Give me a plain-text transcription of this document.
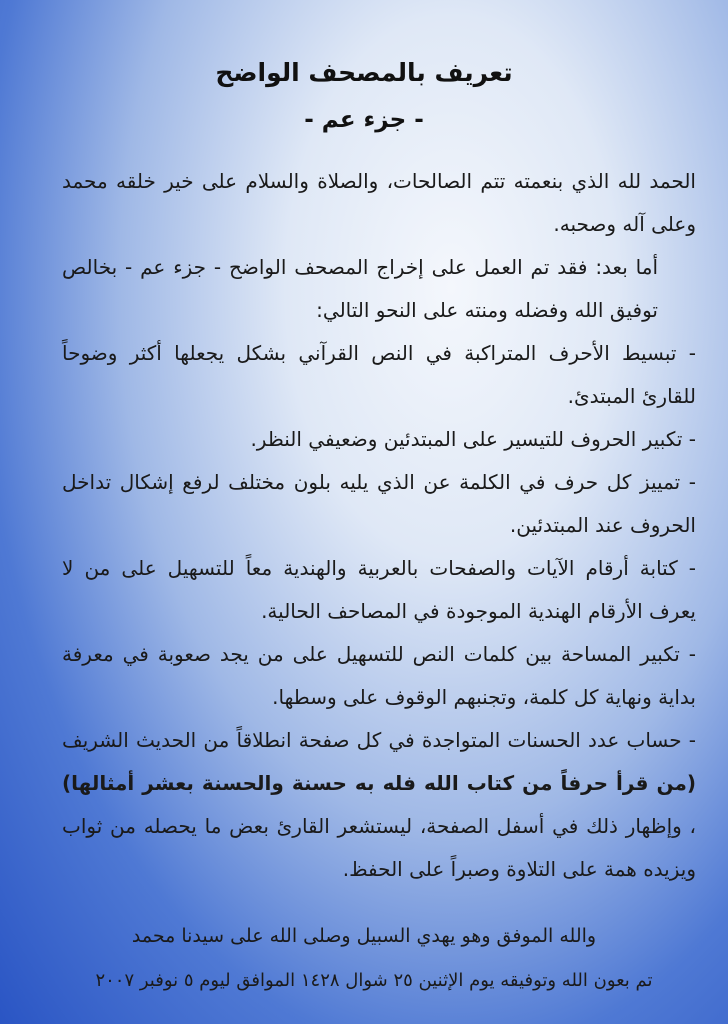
تعريف بالمصحف الواضح
- جزء عم -

الحمد لله الذي بنعمته تتم الصالحات، والصلاة والسلام على خير خلقه محمد وعلى آله وصحبه.

أما بعد: فقد تم العمل على إخراج المصحف الواضح - جزء عم - بخالص توفيق الله وفضله ومنته على النحو التالي:

- تبسيط الأحرف المتراكبة في النص القرآني بشكل يجعلها أكثر وضوحاً للقارئ المبتدئ.

- تكبير الحروف للتيسير على المبتدئين وضعيفي النظر.

- تمييز كل حرف في الكلمة عن الذي يليه بلون مختلف لرفع إشكال تداخل الحروف عند المبتدئين.

- كتابة أرقام الآيات والصفحات بالعربية والهندية معاً للتسهيل على من لا يعرف الأرقام الهندية الموجودة في المصاحف الحالية.

- تكبير المساحة بين كلمات النص للتسهيل على من يجد صعوبة في معرفة بداية ونهاية كل كلمة، وتجنبهم الوقوف على وسطها.

- حساب عدد الحسنات المتواجدة في كل صفحة انطلاقاً من الحديث الشريف (من قرأ حرفاً من كتاب الله فله به حسنة والحسنة بعشر أمثالها) ، وإظهار ذلك في أسفل الصفحة، ليستشعر القارئ بعض ما يحصله من ثواب ويزيده همة على التلاوة وصبراً على الحفظ.

والله الموفق وهو يهدي السبيل وصلى الله على سيدنا محمد
تم بعون الله وتوفيقه يوم الإثنين ٢٥ شوال ١٤٢٨ الموافق ليوم ٥ نوفبر ٢٠٠٧
